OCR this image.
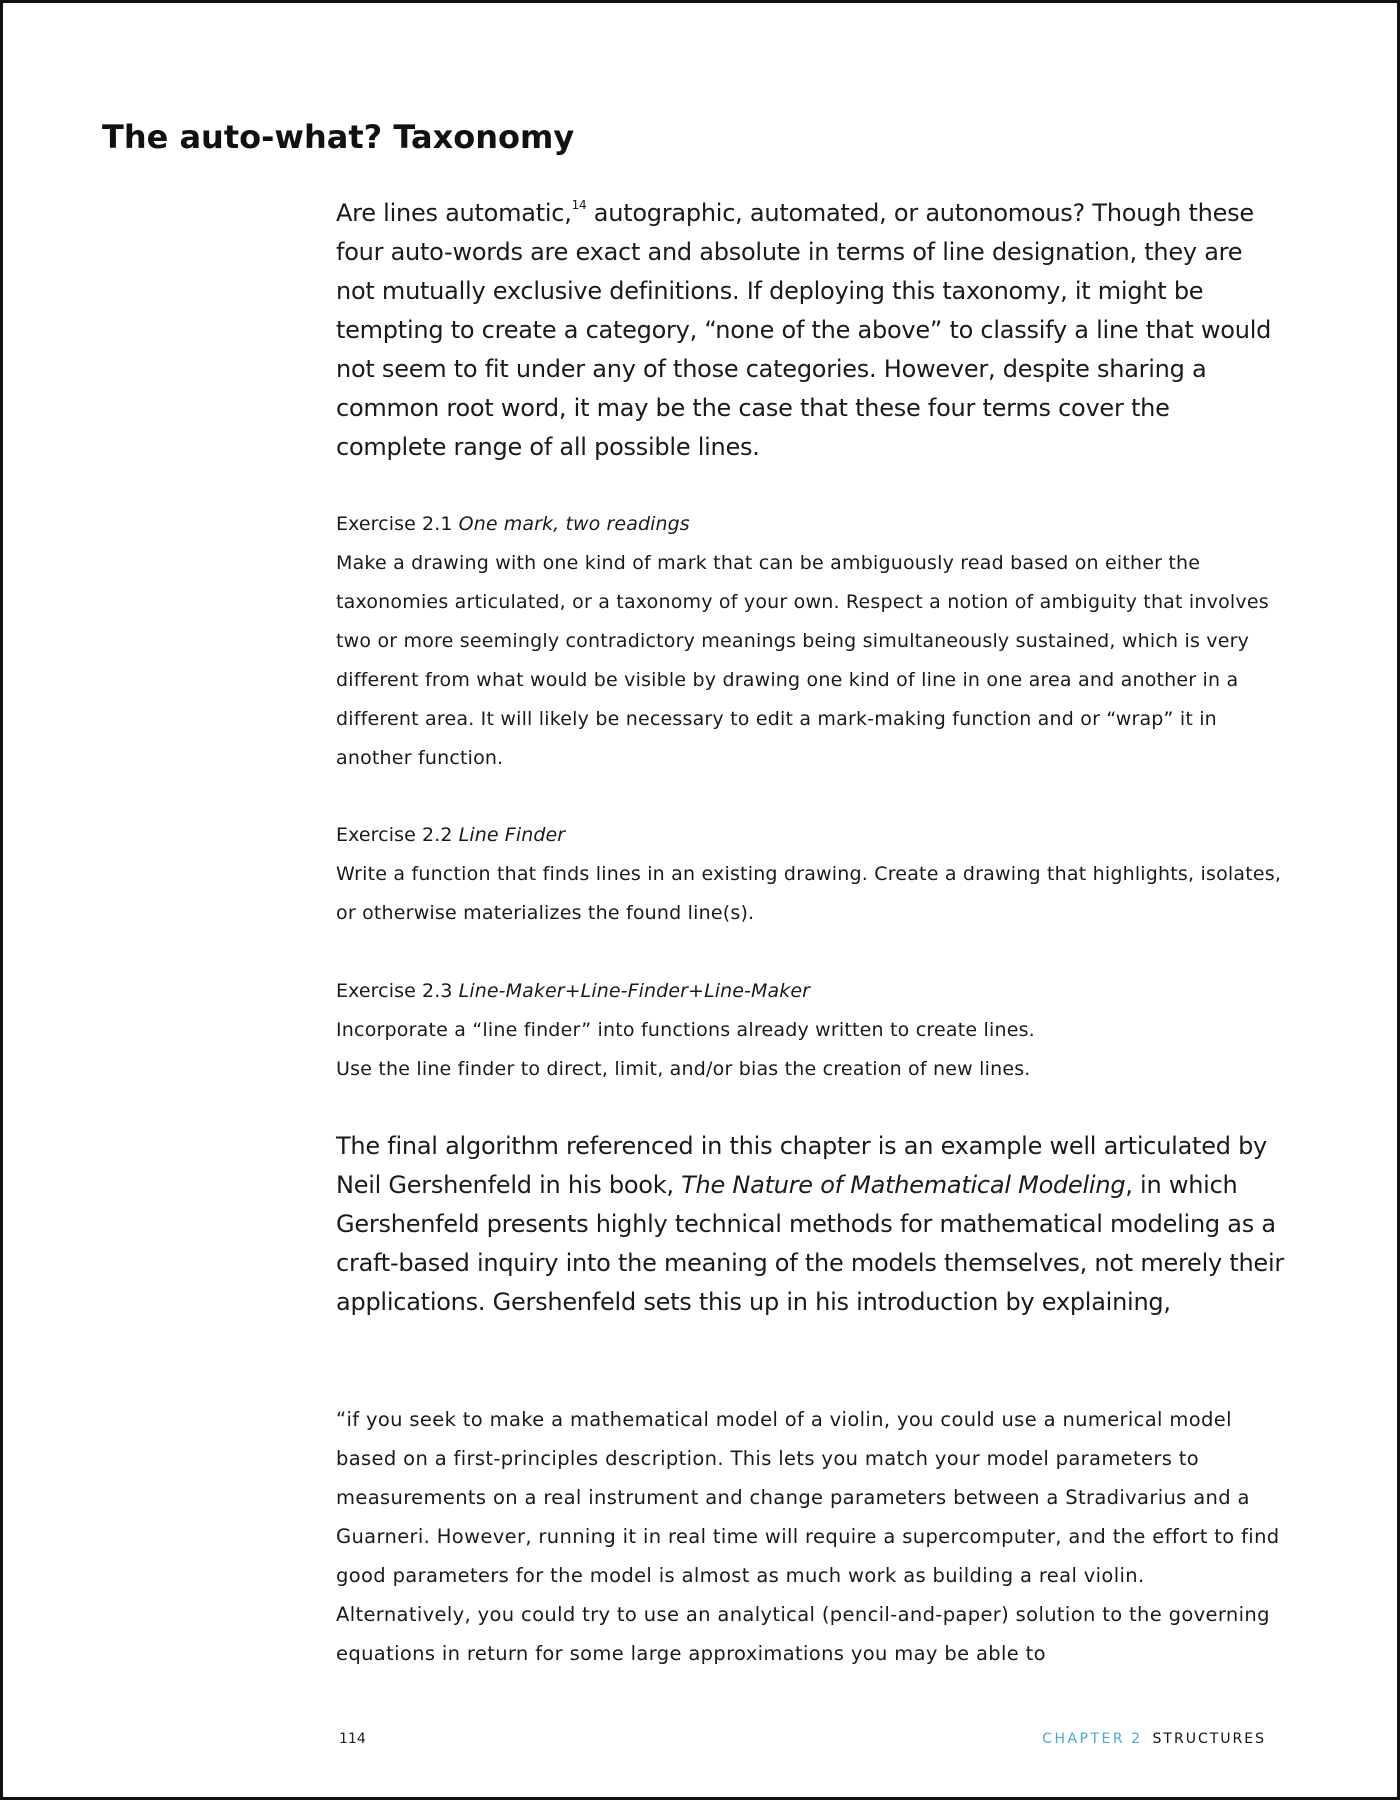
The auto-what? Taxonomy

Are lines automatic,$^{14}$ autographic, automated, or autonomous? Though these four auto-words are exact and absolute in terms of line designation, they are not mutually exclusive definitions. If deploying this taxonomy, it might be tempting to create a category, “none of the above” to classify a line that would not seem to fit under any of those categories. However, despite sharing a common root word, it may be the case that these four terms cover the complete range of all possible lines.

Exercise 2.1 One mark, two readings

Make a drawing with one kind of mark that can be ambiguously read based on either the taxonomies articulated, or a taxonomy of your own. Respect a notion of ambiguity that involves two or more seemingly contradictory meanings being simultaneously sustained, which is very different from what would be visible by drawing one kind of line in one area and another in a different area. It will likely be necessary to edit a mark-making function and or “wrap” it in another function.

Exercise 2.2 Line Finder

Write a function that finds lines in an existing drawing. Create a drawing that highlights, isolates, or otherwise materializes the found line(s).

Exercise 2.3 Line-Maker+Line-Finder+Line-Maker

Incorporate a “line finder” into functions already written to create lines.

Use the line finder to direct, limit, and/or bias the creation of new lines.

The final algorithm referenced in this chapter is an example well articulated by Neil Gershenfeld in his book, The Nature of Mathematical Modeling, in which Gershenfeld presents highly technical methods for mathematical modeling as a craft-based inquiry into the meaning of the models themselves, not merely their applications. Gershenfeld sets this up in his introduction by explaining,

“if you seek to make a mathematical model of a violin, you could use a numerical model based on a first-principles description. This lets you match your model parameters to measurements on a real instrument and change parameters between a Stradivarius and a Guarneri. However, running it in real time will require a supercomputer, and the effort to find good parameters for the model is almost as much work as building a real violin. Alternatively, you could try to use an analytical (pencil-and-paper) solution to the governing equations in return for some large approximations you may be able to

114	CHAPTER 2 STRUCTURES
